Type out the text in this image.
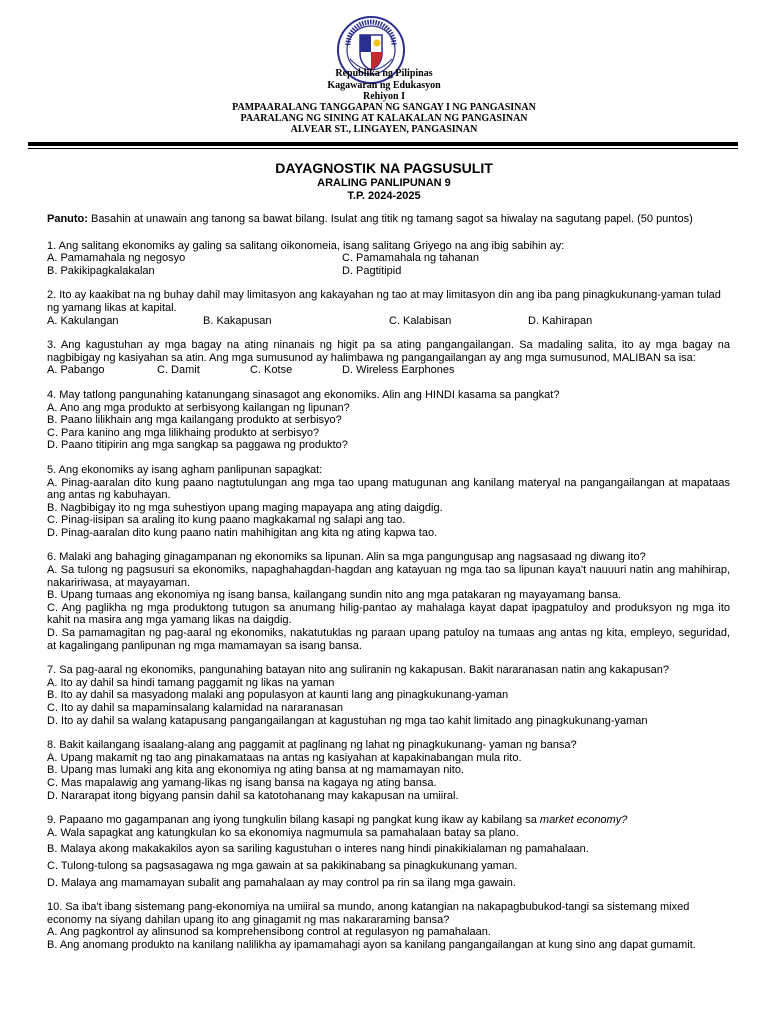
Republika ng Pilipinas
Kagawaran ng Edukasyon
Rehiyon I
PAMPAARALANG TANGGAPAN NG SANGAY I NG PANGASINAN
PAARALANG NG SINING AT KALAKALAN NG PANGASINAN
ALVEAR ST., LINGAYEN, PANGASINAN
DAYAGNOSTIK NA PAGSUSULIT
ARALING PANLIPUNAN 9
T.P. 2024-2025
Panuto: Basahin at unawain ang tanong sa bawat bilang. Isulat ang titik ng tamang sagot sa hiwalay na sagutang papel. (50 puntos)
1. Ang salitang ekonomiks ay galing sa salitang oikonomeia, isang salitang Griyego na ang ibig sabihin ay:
A. Pamamahala ng negosyo	C. Pamamahala ng tahanan
B. Pakikipagkalakalan	D. Pagtitipid
2. Ito ay kaakibat na ng buhay dahil may limitasyon ang kakayahan ng tao at may limitasyon din ang iba pang pinagkukunang-yaman tulad ng yamang likas at kapital.
A. Kakulangan	B. Kakapusan	C. Kalabisan	D. Kahirapan
3. Ang kagustuhan ay mga bagay na ating ninanais ng higit pa sa ating pangangailangan. Sa madaling salita, ito ay mga bagay na nagbibigay ng kasiyahan sa atin. Ang mga sumusunod ay halimbawa ng pangangailangan ay ang mga sumusunod, MALIBAN sa isa:
A. Pabango	C. Damit	C. Kotse	D. Wireless Earphones
4. May tatlong pangunahing katanungang sinasagot ang ekonomiks. Alin ang HINDI kasama sa pangkat?
A. Ano ang mga produkto at serbisyong kailangan ng lipunan?
B. Paano lilikhain ang mga kailangang produkto at serbisyo?
C. Para kanino ang mga lilikhaing produkto at serbisyo?
D. Paano titipirin ang mga sangkap sa paggawa ng produkto?
5. Ang ekonomiks ay isang agham panlipunan sapagkat:
A. Pinag-aaralan dito kung paano nagtutulungan ang mga tao upang matugunan ang kanilang materyal na pangangailangan at mapataas ang antas ng kabuhayan.
B. Nagbibigay ito ng mga suhestiyon upang maging mapayapa ang ating daigdig.
C. Pinag-iisipan sa araling ito kung paano magkakamal ng salapi ang tao.
D. Pinag-aaralan dito kung paano natin mahihigitan ang kita ng ating kapwa tao.
6. Malaki ang bahaging ginagampanan ng ekonomiks sa lipunan. Alin sa mga pangungusap ang nagsasaad ng diwang ito?
A. Sa tulong ng pagsusuri sa ekonomiks, napaghahagdan-hagdan ang katayuan ng mga tao sa lipunan kaya't nauuuri natin ang mahihirap, nakaririwasa, at mayayaman.
B. Upang tumaas ang ekonomiya ng isang bansa, kailangang sundin nito ang mga patakaran ng mayayamang bansa.
C. Ang paglikha ng mga produktong tutugon sa anumang hilig-pantao ay mahalaga kayat dapat ipagpatuloy and produksyon ng mga ito kahit na masira ang mga yamang likas na daigdig.
D. Sa pamamagitan ng pag-aaral ng ekonomiks, nakatutuklas ng paraan upang patuloy na tumaas ang antas ng kita, empleyo, seguridad, at kagalingang panlipunan ng mga mamamayan sa isang bansa.
7. Sa pag-aaral ng ekonomiks, pangunahing batayan nito ang suliranin ng kakapusan. Bakit nararanasan natin ang kakapusan?
A. Ito ay dahil sa hindi tamang paggamit ng likas na yaman
B. Ito ay dahil sa masyadong malaki ang populasyon at kaunti lang ang pinagkukunang-yaman
C. Ito ay dahil sa mapaminsalang kalamidad na nararanasan
D. Ito ay dahil sa walang katapusang pangangailangan at kagustuhan ng mga tao kahit limitado ang pinagkukunang-yaman
8. Bakit kailangang isaalang-alang ang paggamit at paglinang ng lahat ng pinagkukunang- yaman ng bansa?
A. Upang makamit ng tao ang pinakamataas na antas ng kasiyahan at kapakinabangan mula rito.
B. Upang mas lumaki ang kita ang ekonomiya ng ating bansa at ng mamamayan nito.
C. Mas mapalawig ang yamang-likas ng isang bansa na kagaya ng ating bansa.
D. Nararapat itong bigyang pansin dahil sa katotohanang may kakapusan na umiiral.
9. Papaano mo gagampanan ang iyong tungkulin bilang kasapi ng pangkat kung ikaw ay kabilang sa market economy?
A. Wala sapagkat ang katungkulan ko sa ekonomiya nagmumula sa pamahalaan batay sa plano.
B. Malaya akong makakakilos ayon sa sariling kagustuhan o interes nang hindi pinakikialaman ng pamahalaan.
C. Tulong-tulong sa pagsasagawa ng mga gawain at sa pakikinabang sa pinagkukunang yaman.
D. Malaya ang mamamayan subalit ang pamahalaan ay may control pa rin sa ilang mga gawain.
10. Sa iba't ibang sistemang pang-ekonomiya na umiiral sa mundo, anong katangian na nakapagbubukod-tangi sa sistemang mixed economy na siyang dahilan upang ito ang ginagamit ng mas nakararaming bansa?
A. Ang pagkontrol ay alinsunod sa komprehensibong control at regulasyon ng pamahalaan.
B. Ang anomang produkto na kanilang nalilikha ay ipamamahagi ayon sa kanilang pangangailangan at kung sino ang dapat gumamit.
